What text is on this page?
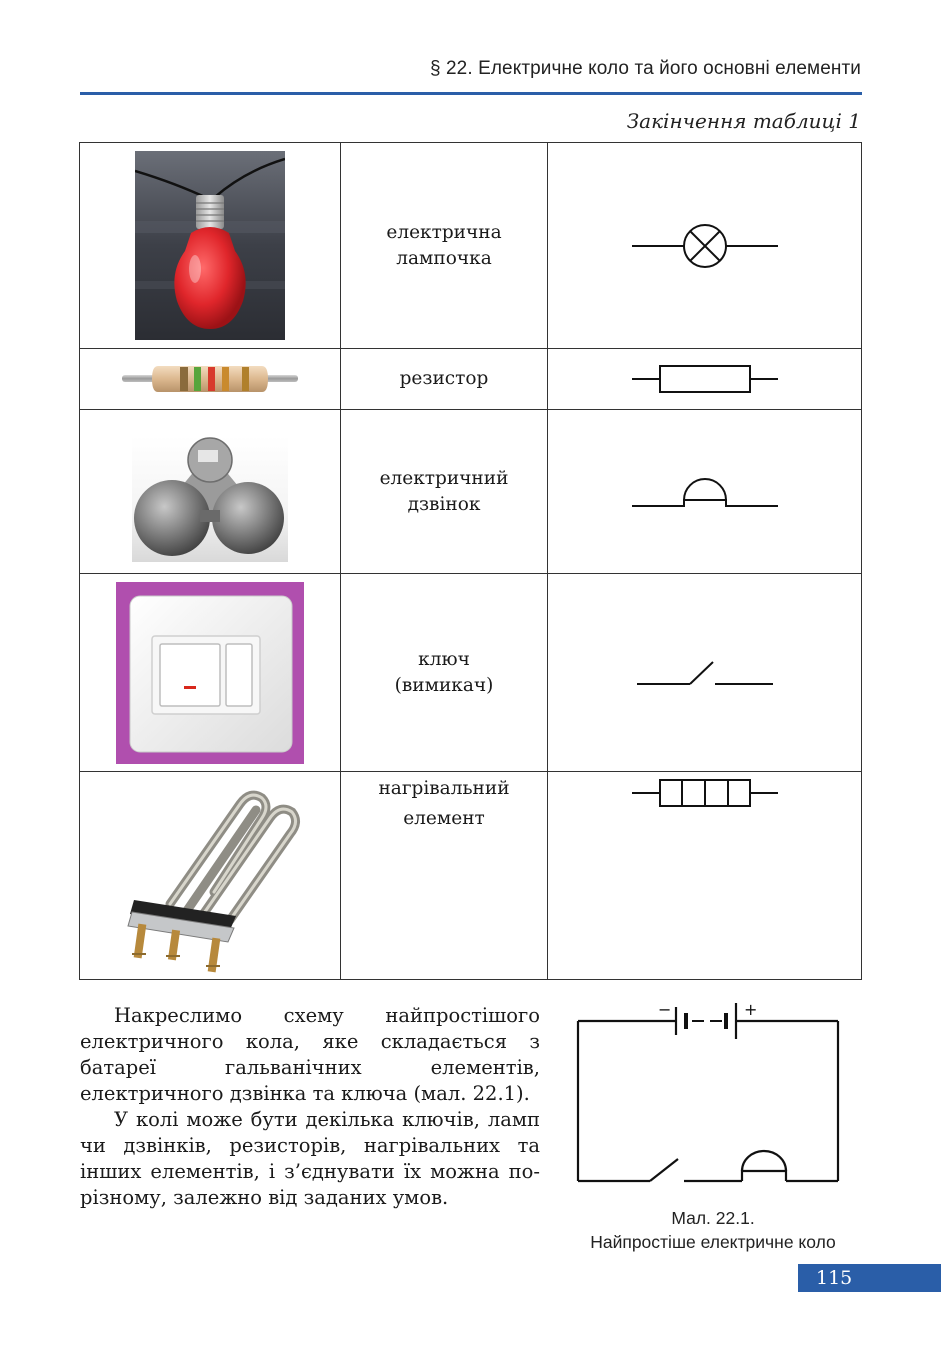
§ 22. Електричне коло та його основні елементи
Закінчення таблиці 1

електрична
лампочка

резистор

електричний
дзвінок

ключ
(вимикач)

нагрівальний
елемент

Накреслимо схему найпростішого електричного кола, яке складається з батареї гальванічних елементів, електричного дзвінка та ключа (мал. 22.1).

У колі може бути декілька ключів, ламп чи дзвінків, резисторів, нагрівальних та інших елементів, і з’єднувати їх можна по-різному, залежно від заданих умов.

−	+
Мал. 22.1.
Найпростіше електричне коло
115
